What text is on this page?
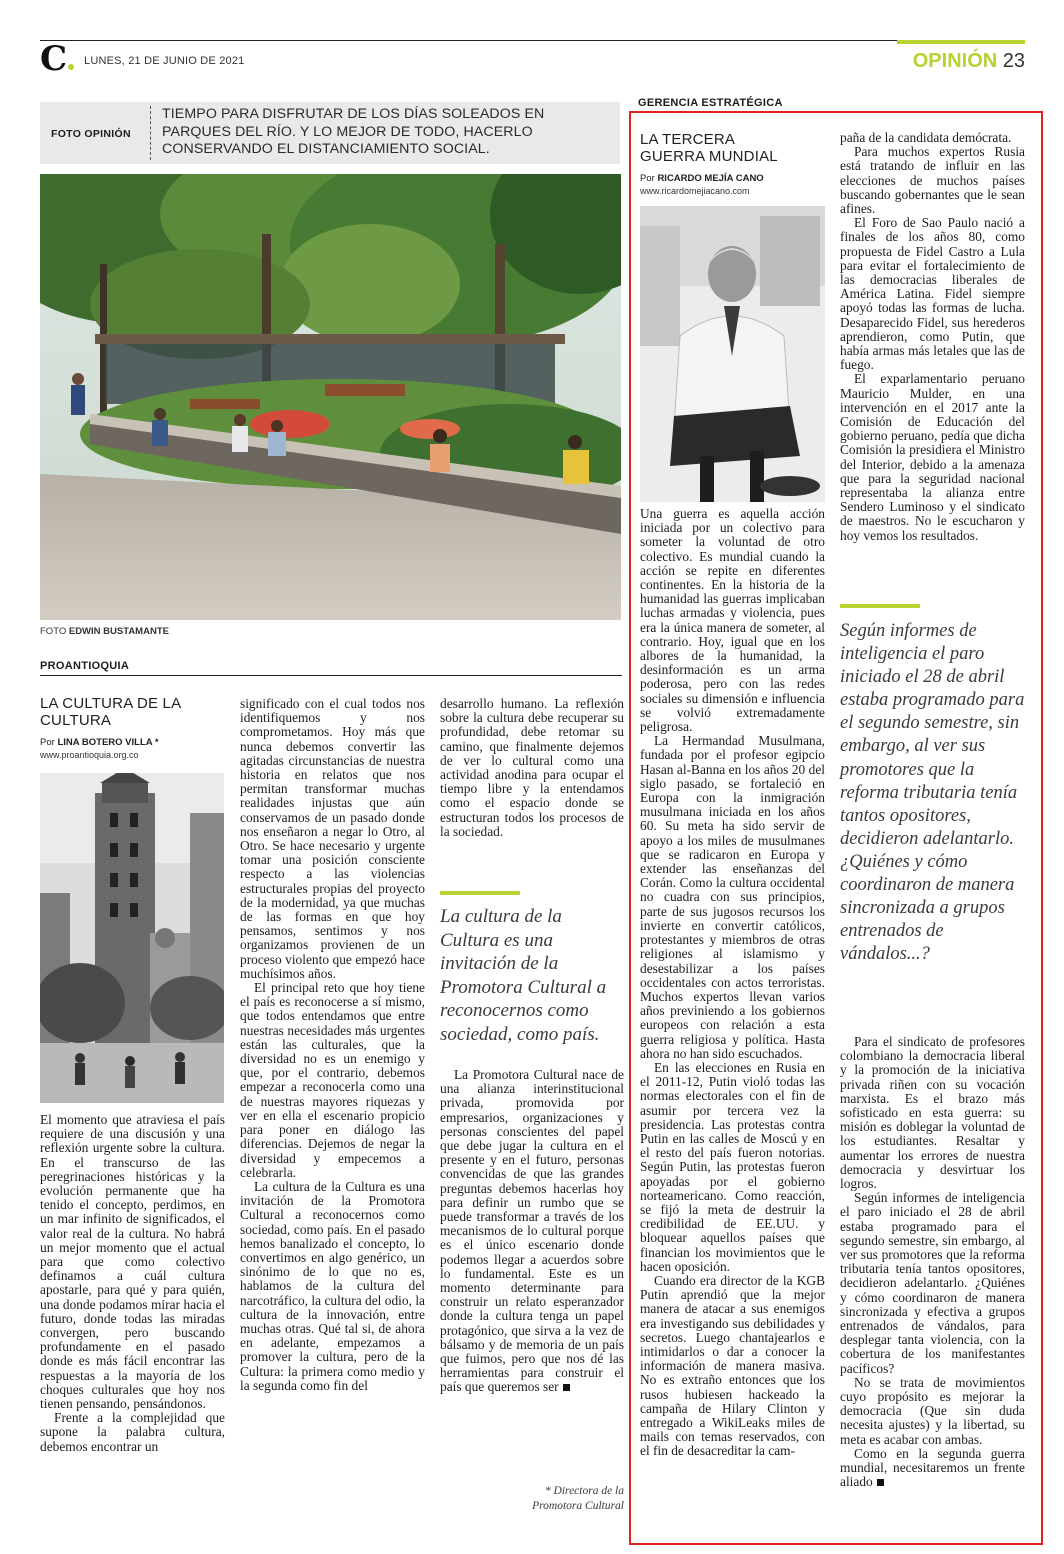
C	LUNES, 21 DE JUNIO DE 2021	OPINIÓN 23
FOTO OPINIÓN
TIEMPO PARA DISFRUTAR DE LOS DÍAS SOLEADOS EN PARQUES DEL RÍO. Y LO MEJOR DE TODO, HACERLO CONSERVANDO EL DISTANCIAMIENTO SOCIAL.
FOTO EDWIN BUSTAMANTE
PROANTIOQUIA
LA CULTURA DE LA CULTURA
Por LINA BOTERO VILLA *
www.proantioquia.org.co

El momento que atraviesa el país requiere de una discusión y una reflexión urgente sobre la cultura. En el transcurso de las peregrinaciones históricas y la evolución permanente que ha tenido el concepto, perdimos, en un mar infinito de significados, el valor real de la cultura. No habrá un mejor momento que el actual para que como colectivo definamos a cuál cultura apostarle, para qué y para quién, una donde podamos mirar hacia el futuro, donde todas las miradas convergen, pero buscando profundamente en el pasado donde es más fácil encontrar las respuestas a la mayoría de los choques culturales que hoy nos tienen pensando, pensándonos.

Frente a la complejidad que supone la palabra cultura, debemos encontrar un

significado con el cual todos nos identifiquemos y nos comprometamos. Hoy más que nunca debemos convertir las agitadas circunstancias de nuestra historia en relatos que nos permitan transformar muchas realidades injustas que aún conservamos de un pasado donde nos enseñaron a negar lo Otro, al Otro. Se hace necesario y urgente tomar una posición consciente respecto a las violencias estructurales propias del proyecto de la modernidad, ya que muchas de las formas en que hoy pensamos, sentimos y nos organizamos provienen de un proceso violento que empezó hace muchísimos años.

El principal reto que hoy tiene el país es reconocerse a sí mismo, que todos entendamos que entre nuestras necesidades más urgentes están las culturales, que la diversidad no es un enemigo y que, por el contrario, debemos empezar a reconocerla como una de nuestras mayores riquezas y ver en ella el escenario propicio para poner en diálogo las diferencias. Dejemos de negar la diversidad y empecemos a celebrarla.

La cultura de la Cultura es una invitación de la Promotora Cultural a reconocernos como sociedad, como país. En el pasado hemos banalizado el concepto, lo convertimos en algo genérico, un sinónimo de lo que no es, hablamos de la cultura del narcotráfico, la cultura del odio, la cultura de la innovación, entre muchas otras. Qué tal si, de ahora en adelante, empezamos a promover la cultura, pero de la Cultura: la primera como medio y la segunda como fin del

desarrollo humano. La reflexión sobre la cultura debe recuperar su profundidad, debe retomar su camino, que finalmente dejemos de ver lo cultural como una actividad anodina para ocupar el tiempo libre y la entendamos como el espacio donde se estructuran todos los procesos de la sociedad.

La cultura de la Cultura es una invitación de la Promotora Cultural a reconocernos como sociedad, como país.

La Promotora Cultural nace de una alianza interinstitucional privada, promovida por empresarios, organizaciones y personas conscientes del papel que debe jugar la cultura en el presente y en el futuro, personas convencidas de que las grandes preguntas debemos hacerlas hoy para definir un rumbo que se puede transformar a través de los mecanismos de lo cultural porque es el único escenario donde podemos llegar a acuerdos sobre lo fundamental. Este es un momento determinante para construir un relato esperanzador donde la cultura tenga un papel protagónico, que sirva a la vez de bálsamo y de memoria de un país que fuimos, pero que nos dé las herramientas para construir el país que queremos ser

* Directora de la
Promotora Cultural
GERENCIA ESTRATÉGICA
LA TERCERA GUERRA MUNDIAL
Por RICARDO MEJÍA CANO
www.ricardomejiacano.com

Una guerra es aquella acción iniciada por un colectivo para someter la voluntad de otro colectivo. Es mundial cuando la acción se repite en diferentes continentes. En la historia de la humanidad las guerras implicaban luchas armadas y violencia, pues era la única manera de someter, al contrario. Hoy, igual que en los albores de la humanidad, la desinformación es un arma poderosa, pero con las redes sociales su dimensión e influencia se volvió extremadamente peligrosa.

La Hermandad Musulmana, fundada por el profesor egipcio Hasan al-Banna en los años 20 del siglo pasado, se fortaleció en Europa con la inmigración musulmana iniciada en los años 60. Su meta ha sido servir de apoyo a los miles de musulmanes que se radicaron en Europa y extender las enseñanzas del Corán. Como la cultura occidental no cuadra con sus principios, parte de sus jugosos recursos los invierte en convertir católicos, protestantes y miembros de otras religiones al islamismo y desestabilizar a los países occidentales con actos terroristas. Muchos expertos llevan varios años previniendo a los gobiernos europeos con relación a esta guerra religiosa y política. Hasta ahora no han sido escuchados.

En las elecciones en Rusia en el 2011-12, Putin violó todas las normas electorales con el fin de asumir por tercera vez la presidencia. Las protestas contra Putin en las calles de Moscú y en el resto del país fueron notorias. Según Putin, las protestas fueron apoyadas por el gobierno norteamericano. Como reacción, se fijó la meta de destruir la credibilidad de EE.UU. y bloquear aquellos países que financian los movimientos que le hacen oposición.

Cuando era director de la KGB Putin aprendió que la mejor manera de atacar a sus enemigos era investigando sus debilidades y secretos. Luego chantajearlos e intimidarlos o dar a conocer la información de manera masiva. No es extraño entonces que los rusos hubiesen hackeado la campaña de Hilary Clinton y entregado a WikiLeaks miles de mails con temas reservados, con el fin de desacreditar la cam-

paña de la candidata demócrata.

Para muchos expertos Rusia está tratando de influir en las elecciones de muchos países buscando gobernantes que le sean afines.

El Foro de Sao Paulo nació a finales de los años 80, como propuesta de Fidel Castro a Lula para evitar el fortalecimiento de las democracias liberales de América Latina. Fidel siempre apoyó todas las formas de lucha. Desaparecido Fidel, sus herederos aprendieron, como Putin, que había armas más letales que las de fuego.

El exparlamentario peruano Mauricio Mulder, en una intervención en el 2017 ante la Comisión de Educación del gobierno peruano, pedía que dicha Comisión la presidiera el Ministro del Interior, debido a la amenaza que para la seguridad nacional representaba la alianza entre Sendero Luminoso y el sindicato de maestros. No le escucharon y hoy vemos los resultados.

Según informes de inteligencia el paro iniciado el 28 de abril estaba programado para el segundo semestre, sin embargo, al ver sus promotores que la reforma tributaria tenía tantos opositores, decidieron adelantarlo. ¿Quiénes y cómo coordinaron de manera sincronizada a grupos entrenados de vándalos...?

Para el sindicato de profesores colombiano la democracia liberal y la promoción de la iniciativa privada riñen con su vocación marxista. Es el brazo más sofisticado en esta guerra: su misión es doblegar la voluntad de los estudiantes. Resaltar y aumentar los errores de nuestra democracia y desvirtuar los logros.

Según informes de inteligencia el paro iniciado el 28 de abril estaba programado para el segundo semestre, sin embargo, al ver sus promotores que la reforma tributaria tenía tantos opositores, decidieron adelantarlo. ¿Quiénes y cómo coordinaron de manera sincronizada y efectiva a grupos entrenados de vándalos, para desplegar tanta violencia, con la cobertura de los manifestantes pacíficos?

No se trata de movimientos cuyo propósito es mejorar la democracia (Que sin duda necesita ajustes) y la libertad, su meta es acabar con ambas.

Como en la segunda guerra mundial, necesitaremos un frente aliado
